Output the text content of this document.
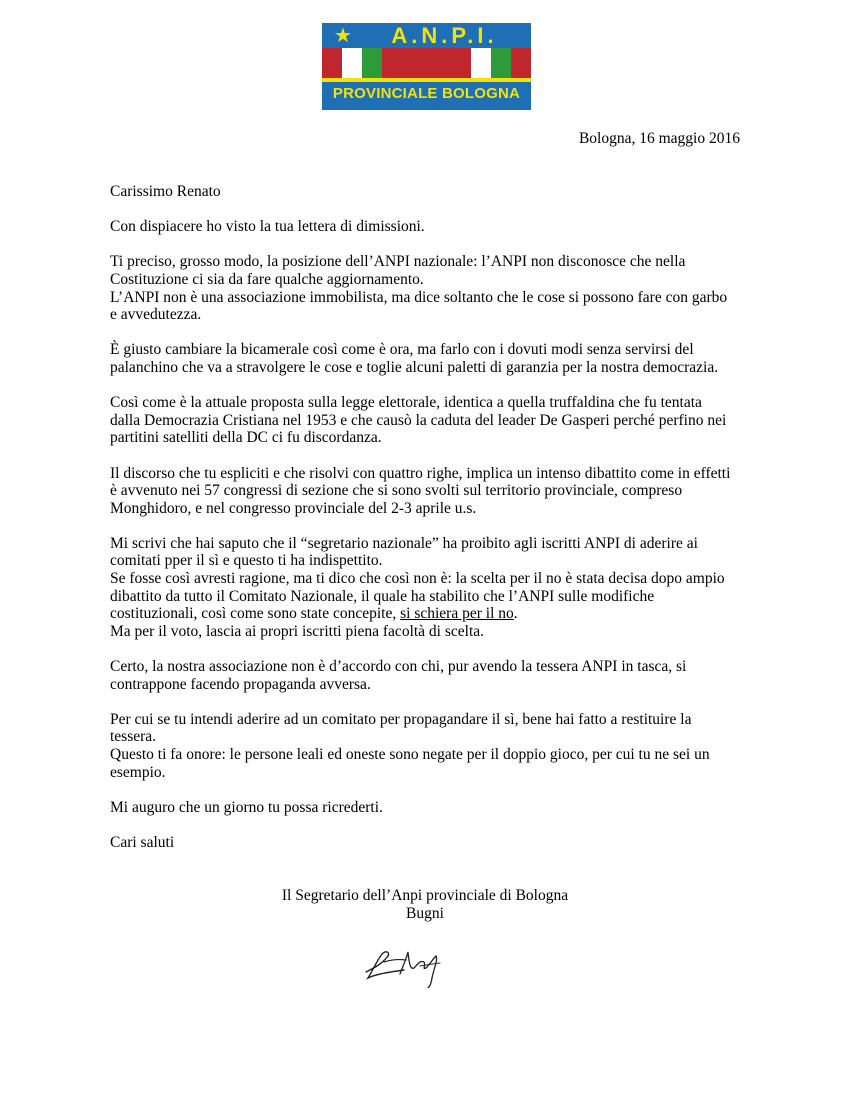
★	A.N.P.I.
PROVINCIALE BOLOGNA
Bologna, 16 maggio 2016

Carissimo Renato

Con dispiacere ho visto la tua lettera di dimissioni.

Ti preciso, grosso modo, la posizione dell’ANPI nazionale: l’ANPI non disconosce che nella
Costituzione ci sia da fare qualche aggiornamento.
L’ANPI non è una associazione immobilista, ma dice soltanto che le cose si possono fare con garbo
e avvedutezza.

È giusto cambiare la bicamerale così come è ora, ma farlo con i dovuti modi senza servirsi del
palanchino che va a stravolgere le cose e toglie alcuni paletti di garanzia per la nostra democrazia.

Così come è la attuale proposta sulla legge elettorale, identica a quella truffaldina che fu tentata
dalla Democrazia Cristiana nel 1953 e che causò la caduta del leader De Gasperi perché perfino nei
partitini satelliti della DC ci fu discordanza.

Il discorso che tu espliciti e che risolvi con quattro righe, implica un intenso dibattito come in effetti
è avvenuto nei 57 congressi di sezione che si sono svolti sul territorio provinciale, compreso
Monghidoro, e nel congresso provinciale del 2-3 aprile u.s.

Mi scrivi che hai saputo che il “segretario nazionale” ha proibito agli iscritti ANPI di aderire ai
comitati pper il sì e questo ti ha indispettito.
Se fosse così avresti ragione, ma ti dico che così non è: la scelta per il no è stata decisa dopo ampio
dibattito da tutto il Comitato Nazionale, il quale ha stabilito che l’ANPI sulle modifiche
costituzionali, così come sono state concepite, si schiera per il no.
Ma per il voto, lascia ai propri iscritti piena facoltà di scelta.

Certo, la nostra associazione non è d’accordo con chi, pur avendo la tessera ANPI in tasca, si
contrappone facendo propaganda avversa.

Per cui se tu intendi aderire ad un comitato per propagandare il sì, bene hai fatto a restituire la
tessera.
Questo ti fa onore: le persone leali ed oneste sono negate per il doppio gioco, per cui tu ne sei un
esempio.

Mi auguro che un giorno tu possa ricrederti.

Cari saluti

Il Segretario dell’Anpi provinciale di Bologna
Bugni
